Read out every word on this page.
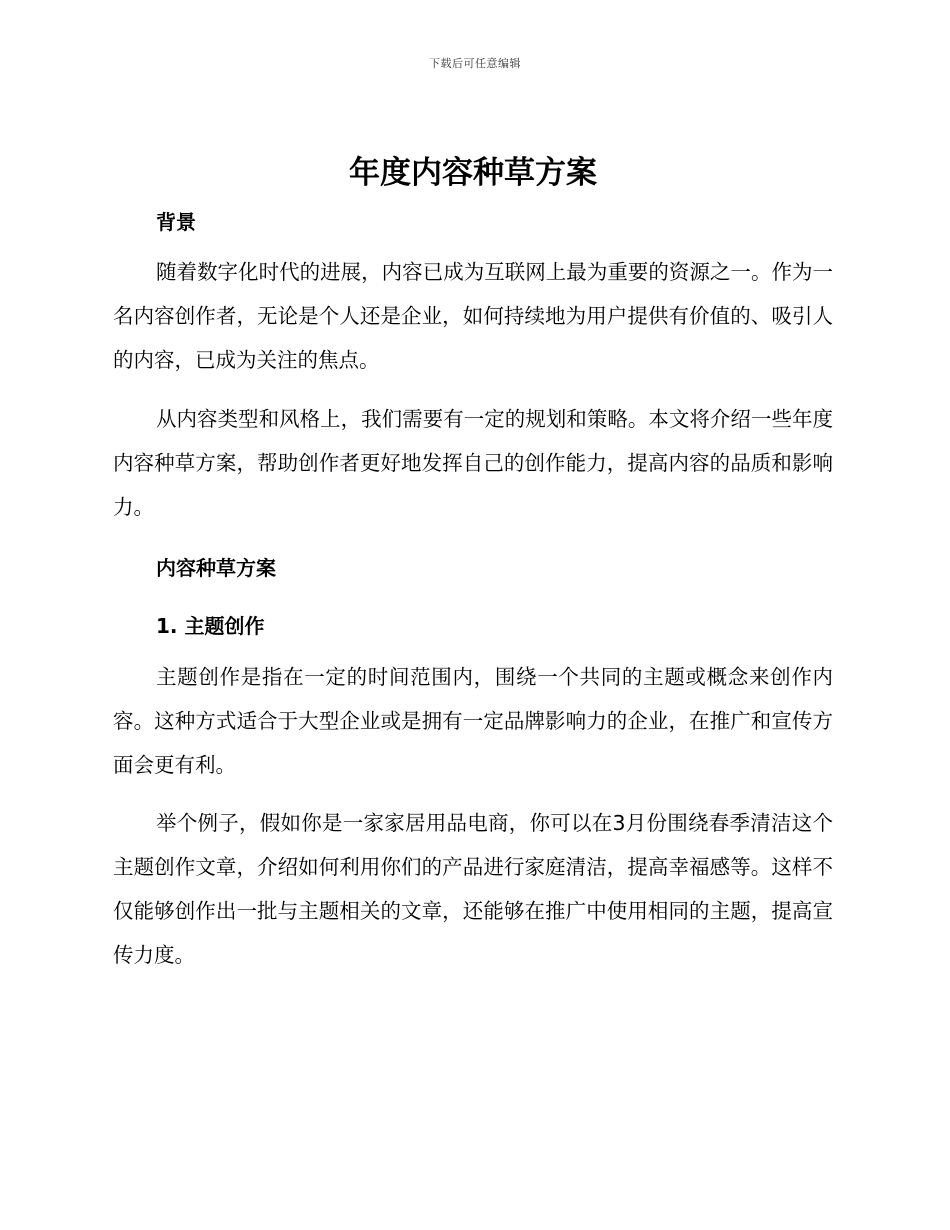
下载后可任意编辑
年度内容种草方案

背景

随着数字化时代的进展，内容已成为互联网上最为重要的资源之一。作为一名内容创作者，无论是个人还是企业，如何持续地为用户提供有价值的、吸引人的内容，已成为关注的焦点。

从内容类型和风格上，我们需要有一定的规划和策略。本文将介绍一些年度内容种草方案，帮助创作者更好地发挥自己的创作能力，提高内容的品质和影响力。

内容种草方案

1. 主题创作

主题创作是指在一定的时间范围内，围绕一个共同的主题或概念来创作内容。这种方式适合于大型企业或是拥有一定品牌影响力的企业，在推广和宣传方面会更有利。

举个例子，假如你是一家家居用品电商，你可以在3月份围绕春季清洁这个主题创作文章，介绍如何利用你们的产品进行家庭清洁，提高幸福感等。这样不仅能够创作出一批与主题相关的文章，还能够在推广中使用相同的主题，提高宣传力度。
